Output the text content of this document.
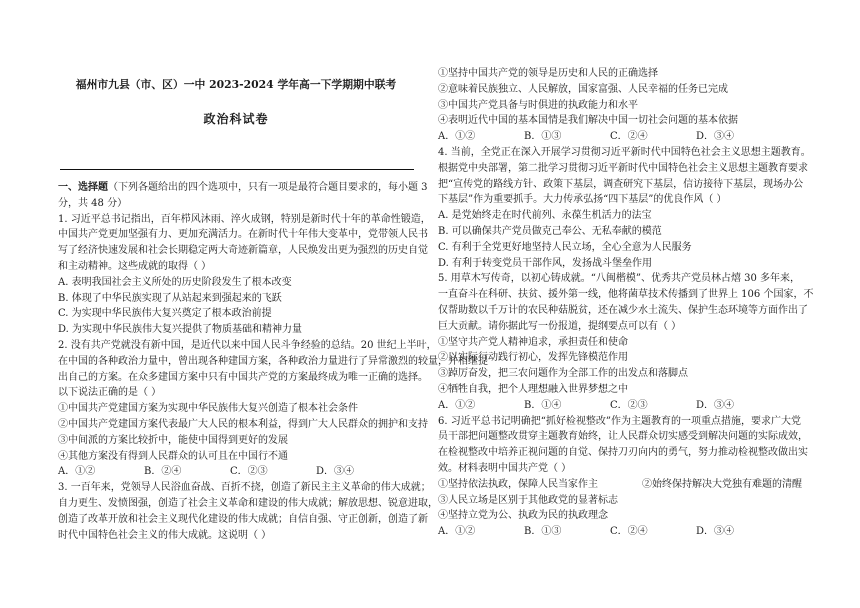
福州市九县（市、区）一中 2023-2024 学年高一下学期期中联考
政治科试卷
一、选择题（下列各题给出的四个选项中，只有一项是最符合题目要求的，每小题 3
分，共 48 分）
1. 习近平总书记指出，百年栉风沐雨、淬火成钢，特别是新时代十年的革命性锻造，
中国共产党更加坚强有力、更加充满活力。在新时代十年伟大变革中，党带领人民书
写了经济快速发展和社会长期稳定两大奇迹新篇章，人民焕发出更为强烈的历史自觉
和主动精神。这些成就的取得（ ）
A. 表明我国社会主义所处的历史阶段发生了根本改变
B. 体现了中华民族实现了从站起来到强起来的飞跃
C. 为实现中华民族伟大复兴奠定了根本政治前提
D. 为实现中华民族伟大复兴提供了物质基础和精神力量
2. 没有共产党就没有新中国，是近代以来中国人民斗争经验的总结。20 世纪上半叶，
在中国的各种政治力量中，曾出现各种建国方案，各种政治力量进行了异常激烈的较量，并相继提
出自己的方案。在众多建国方案中只有中国共产党的方案最终成为唯一正确的选择。
以下说法正确的是（ ）
①中国共产党建国方案为实现中华民族伟大复兴创造了根本社会条件
②中国共产党建国方案代表最广大人民的根本利益，得到广大人民群众的拥护和支持
③中间派的方案比较折中，能使中国得到更好的发展
④其他方案没有得到人民群众的认可且在中国行不通
A．①②	B．②④	C．②③	D．③④
3. 一百年来，党领导人民浴血奋战、百折不挠，创造了新民主主义革命的伟大成就；
自力更生、发愤图强，创造了社会主义革命和建设的伟大成就；解放思想、锐意进取，
创造了改革开放和社会主义现代化建设的伟大成就；自信自强、守正创新，创造了新
时代中国特色社会主义的伟大成就。这说明（ ）
①坚持中国共产党的领导是历史和人民的正确选择
②意味着民族独立、人民解放，国家富强、人民幸福的任务已完成
③中国共产党具备与时俱进的执政能力和水平
④表明近代中国的基本国情是我们解决中国一切社会问题的基本依据
A．①②	B．①③	C．②④	D．③④
4. 当前，全党正在深入开展学习贯彻习近平新时代中国特色社会主义思想主题教育。
根据党中央部署，第二批学习贯彻习近平新时代中国特色社会主义思想主题教育要求
把“宣传党的路线方针、政策下基层，调查研究下基层，信访接待下基层，现场办公
下基层”作为重要抓手。大力传承弘扬“四下基层”的优良作风（ ）
A. 是党始终走在时代前列、永葆生机活力的法宝
B. 可以确保共产党员做克己奉公、无私奉献的模范
C. 有利于全党更好地坚持人民立场，全心全意为人民服务
D. 有利于转变党员干部作风，发扬战斗堡垒作用
5. 用草木写传奇，以初心铸成就。“八闽楷模”、优秀共产党员林占熺 30 多年来，
一直奋斗在科研、扶贫、援外第一线，他将菌草技术传播到了世界上 106 个国家，不
仅帮助数以千万计的农民种菇脱贫，还在减少水土流失、保护生态环境等方面作出了
巨大贡献。请你据此写一份报道，提纲要点可以有（ ）
①坚守共产党人精神追求，承担责任和使命
②以实际行动践行初心，发挥先锋模范作用
③踔厉奋发，把三农问题作为全部工作的出发点和落脚点
④牺牲自我，把个人理想融入世界梦想之中
A．①②	B．①④	C．②③	D．③④
6. 习近平总书记明确把“抓好检视整改”作为主题教育的一项重点措施，要求广大党
员干部把问题整改贯穿主题教育始终，让人民群众切实感受到解决问题的实际成效，
在检视整改中培养正视问题的自觉、保持刀刃向内的勇气，努力推动检视整改做出实
效。材料表明中国共产党（ ）
①坚持依法执政，保障人民当家作主	②始终保持解决大党独有难题的清醒
③人民立场是区别于其他政党的显著标志
④坚持立党为公、执政为民的执政理念
A．①②	B．①③	C．②④	D．③④
